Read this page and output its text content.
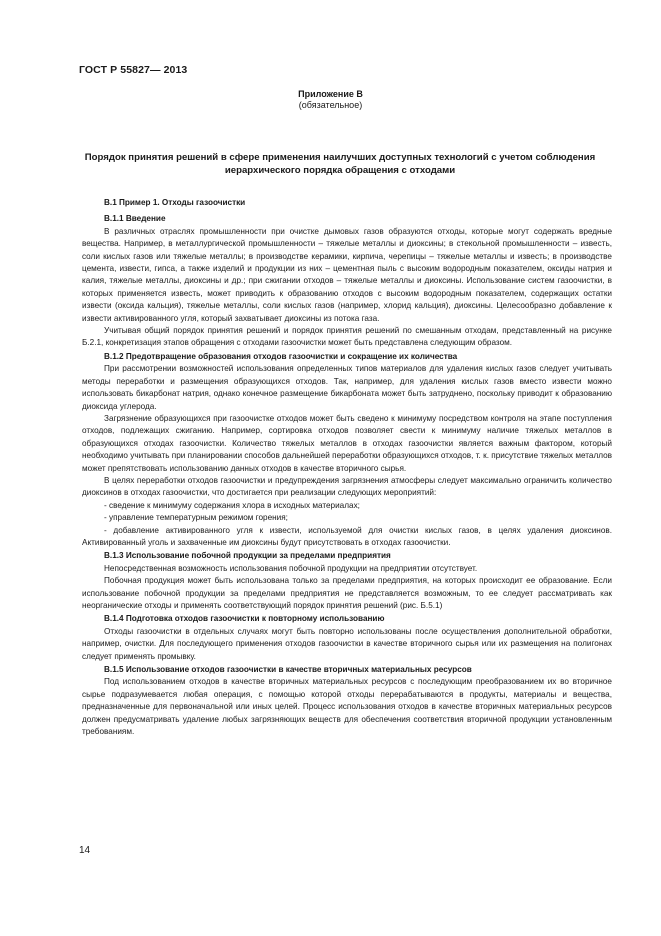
ГОСТ Р 55827— 2013
Приложение В
(обязательное)
Порядок принятия решений в сфере применения наилучших доступных технологий с учетом соблюдения иерархического порядка обращения с отходами

В.1 Пример 1. Отходы газоочистки

В.1.1 Введение

В различных отраслях промышленности при очистке дымовых газов образуются отходы, которые могут содержать вредные вещества. Например, в металлургической промышленности – тяжелые металлы и диоксины; в стекольной промышленности – известь, соли кислых газов или тяжелые металлы; в производстве керамики, кирпича, черепицы – тяжелые металлы и известь; в производстве цемента, извести, гипса, а также изделий и продукции из них – цементная пыль с высоким водородным показателем, оксиды натрия и калия, тяжелые металлы, диоксины и др.; при сжигании отходов – тяжелые металлы и диоксины. Использование систем газоочистки, в которых применяется известь, может приводить к образованию отходов с высоким водородным показателем, содержащих остатки извести (оксида кальция), тяжелые металлы, соли кислых газов (например, хлорид кальция), диоксины. Целесообразно добавление к извести активированного угля, который захватывает диоксины из потока газа.

Учитывая общий порядок принятия решений и порядок принятия решений по смешанным отходам, представленный на рисунке Б.2.1, конкретизация этапов обращения с отходами газоочистки может быть представлена следующим образом.

В.1.2 Предотвращение образования отходов газоочистки и сокращение их количества

При рассмотрении возможностей использования определенных типов материалов для удаления кислых газов следует учитывать методы переработки и размещения образующихся отходов. Так, например, для удаления кислых газов вместо извести можно использовать бикарбонат натрия, однако конечное размещение бикарбоната может быть затруднено, поскольку приводит к образованию диоксида углерода.

Загрязнение образующихся при газоочистке отходов может быть сведено к минимуму посредством контроля на этапе поступления отходов, подлежащих сжиганию. Например, сортировка отходов позволяет свести к минимуму наличие тяжелых металлов в образующихся отходах газоочистки. Количество тяжелых металлов в отходах газоочистки является важным фактором, который необходимо учитывать при планировании способов дальнейшей переработки образующихся отходов, т. к. присутствие тяжелых металлов может препятствовать использованию данных отходов в качестве вторичного сырья.

В целях переработки отходов газоочистки и предупреждения загрязнения атмосферы следует максимально ограничить количество диоксинов в отходах газоочистки, что достигается при реализации следующих мероприятий:

- сведение к минимуму содержания хлора в исходных материалах;

- управление температурным режимом горения;

- добавление активированного угля к извести, используемой для очистки кислых газов, в целях удаления диоксинов. Активированный уголь и захваченные им диоксины будут присутствовать в отходах газоочистки.

В.1.3 Использование побочной продукции за пределами предприятия

Непосредственная возможность использования побочной продукции на предприятии отсутствует.

Побочная продукция может быть использована только за пределами предприятия, на которых происходит ее образование. Если использование побочной продукции за пределами предприятия не представляется возможным, то ее следует рассматривать как неорганические отходы и применять соответствующий порядок принятия решений (рис. Б.5.1)

В.1.4 Подготовка отходов газоочистки к повторному использованию

Отходы газоочистки в отдельных случаях могут быть повторно использованы после осуществления дополнительной обработки, например, очистки. Для последующего применения отходов газоочистки в качестве вторичного сырья или их размещения на полигонах следует применять промывку.

В.1.5 Использование отходов газоочистки в качестве вторичных материальных ресурсов

Под использованием отходов в качестве вторичных материальных ресурсов с последующим преобразованием их во вторичное сырье подразумевается любая операция, с помощью которой отходы перерабатываются в продукты, материалы и вещества, предназначенные для первоначальной или иных целей. Процесс использования отходов в качестве вторичных материальных ресурсов должен предусматривать удаление любых загрязняющих веществ для обеспечения соответствия вторичной продукции установленным требованиям.

14
